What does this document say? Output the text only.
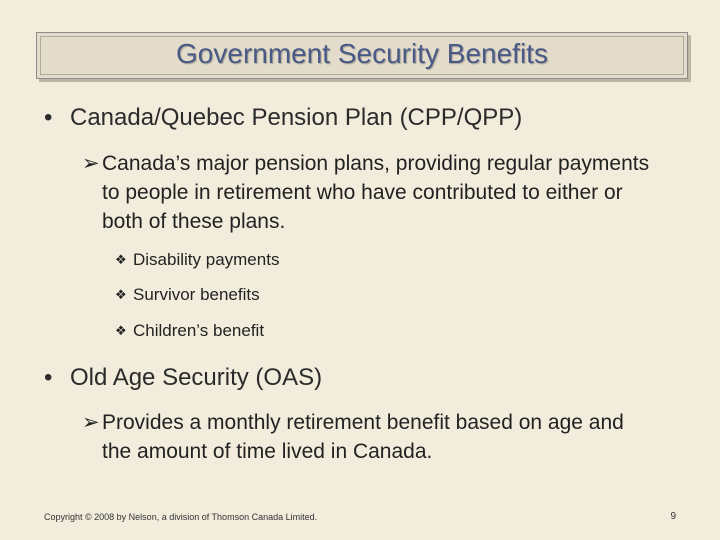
Government Security Benefits
• Canada/Quebec Pension Plan (CPP/QPP)
➢ Canada’s major pension plans, providing regular payments to people in retirement who have contributed to either or both of these plans.
❖ Disability payments
❖ Survivor benefits
❖ Children’s benefit
• Old Age Security (OAS)
➢ Provides a monthly retirement benefit based on age and the amount of time lived in Canada.
Copyright © 2008 by Nelson, a division of Thomson Canada Limited.	9
